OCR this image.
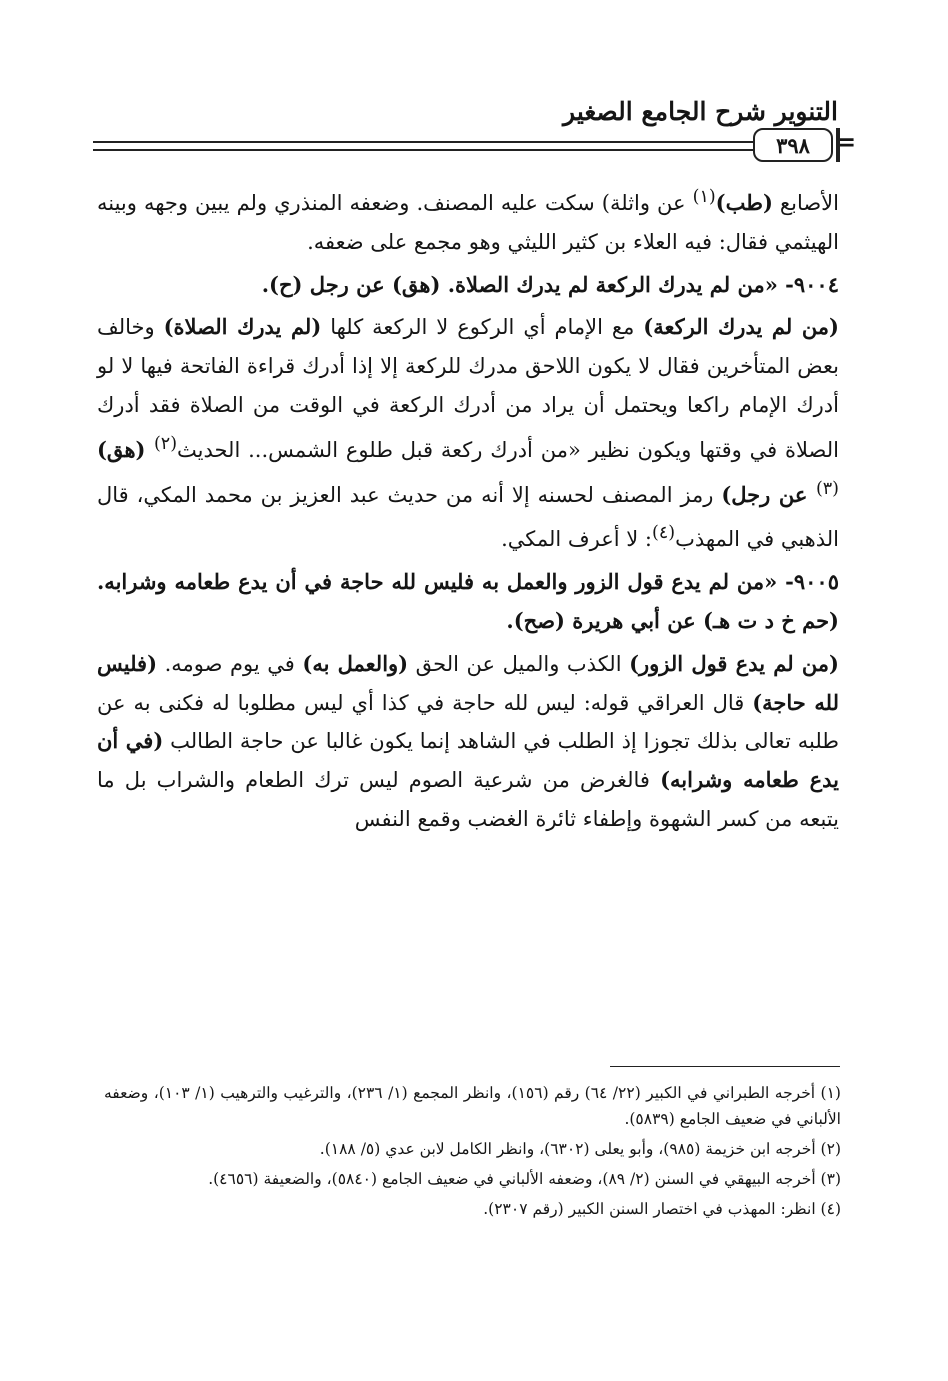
التنوير شرح الجامع الصغير
=
٣٩٨

الأصابع (طب)$^{(١)}$ عن واثلة) سكت عليه المصنف. وضعفه المنذري ولم يبين وجهه وبينه الهيثمي فقال: فيه العلاء بن كثير الليثي وهو مجمع على ضعفه.

٩٠٠٤- «من لم يدرك الركعة لم يدرك الصلاة. (هق) عن رجل (ح).

(من لم يدرك الركعة) مع الإمام أي الركوع لا الركعة كلها (لم يدرك الصلاة) وخالف بعض المتأخرين فقال لا يكون اللاحق مدرك للركعة إلا إذا أدرك قراءة الفاتحة فيها لا لو أدرك الإمام راكعا ويحتمل أن يراد من أدرك الركعة في الوقت من الصلاة فقد أدرك الصلاة في وقتها ويكون نظير «من أدرك ركعة قبل طلوع الشمس... الحديث$^{(٢)}$ (هق)$^{(٣)}$ عن رجل) رمز المصنف لحسنه إلا أنه من حديث عبد العزيز بن محمد المكي، قال الذهبي في المهذب$^{(٤)}$: لا أعرف المكي.

٩٠٠٥- «من لم يدع قول الزور والعمل به فليس لله حاجة في أن يدع طعامه وشرابه. (حم خ د ت هـ) عن أبي هريرة (صح).

(من لم يدع قول الزور) الكذب والميل عن الحق (والعمل به) في يوم صومه. (فليس لله حاجة) قال العراقي قوله: ليس لله حاجة في كذا أي ليس مطلوبا له فكنى به عن طلبه تعالى بذلك تجوزا إذ الطلب في الشاهد إنما يكون غالبا عن حاجة الطالب (في أن يدع طعامه وشرابه) فالغرض من شرعية الصوم ليس ترك الطعام والشراب بل ما يتبعه من كسر الشهوة وإطفاء ثائرة الغضب وقمع النفس

(١) أخرجه الطبراني في الكبير (٢٢/ ٦٤) رقم (١٥٦)، وانظر المجمع (١/ ٢٣٦)، والترغيب والترهيب (١/ ١٠٣)، وضعفه الألباني في ضعيف الجامع (٥٨٣٩).

(٢) أخرجه ابن خزيمة (٩٨٥)، وأبو يعلى (٦٣٠٢)، وانظر الكامل لابن عدي (٥/ ١٨٨).

(٣) أخرجه البيهقي في السنن (٢/ ٨٩)، وضعفه الألباني في ضعيف الجامع (٥٨٤٠)، والضعيفة (٤٦٥٦).

(٤) انظر: المهذب في اختصار السنن الكبير (رقم ٢٣٠٧).
